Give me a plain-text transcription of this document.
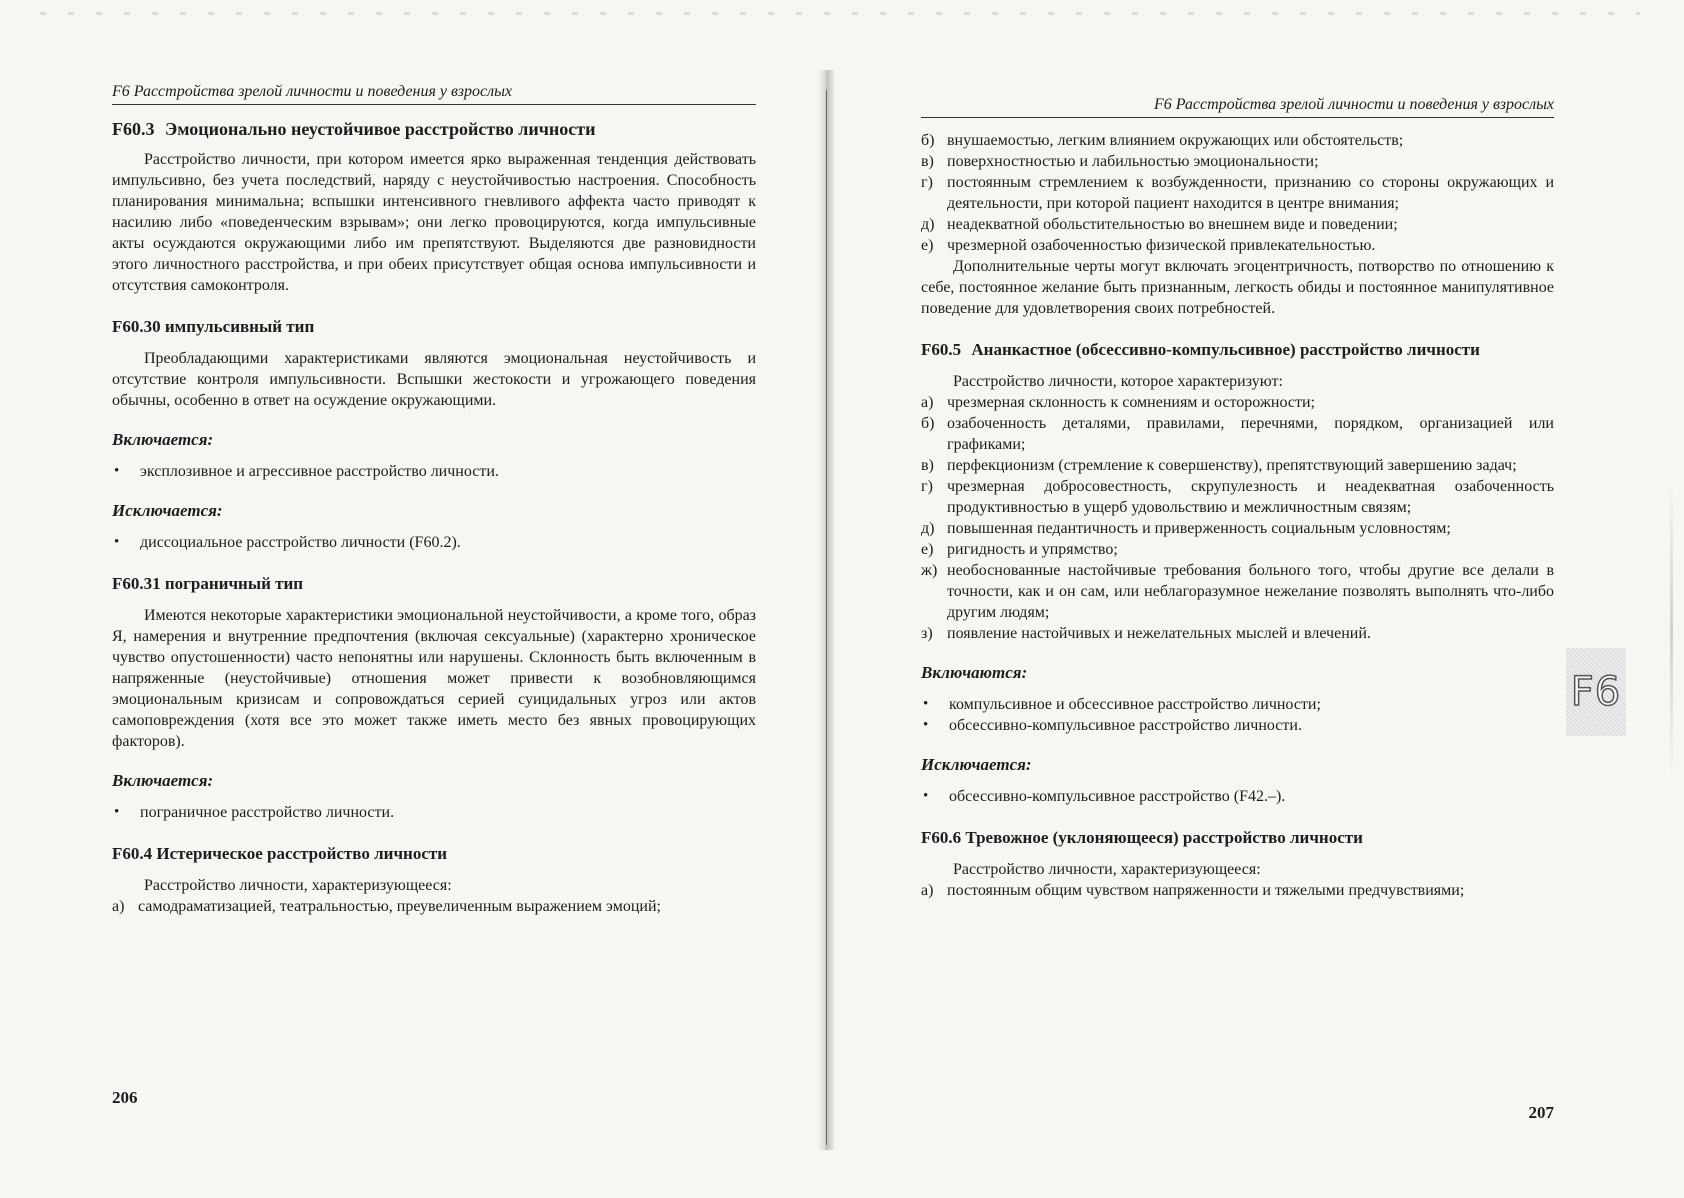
F6 Расстройства зрелой личности и поведения у взрослых
F60.3 Эмоционально неустойчивое расстройство личности

Расстройство личности, при котором имеется ярко выраженная тенденция действовать импульсивно, без учета последствий, наряду с неустойчивостью настроения. Способность планирования минимальна; вспышки интенсивного гневливого аффекта часто приводят к насилию либо «поведенческим взрывам»; они легко провоцируются, когда импульсивные акты осуждаются окружающими либо им препятствуют. Выделяются две разновидности этого личностного расстройства, и при обеих присутствует общая основа импульсивности и отсутствия самоконтроля.

F60.30 импульсивный тип

Преобладающими характеристиками являются эмоциональная неустойчивость и отсутствие контроля импульсивности. Вспышки жестокости и угрожающего поведения обычны, особенно в ответ на осуждение окружающими.

Включается:
• эксплозивное и агрессивное расстройство личности.
Исключается:
• диссоциальное расстройство личности (F60.2).
F60.31 пограничный тип

Имеются некоторые характеристики эмоциональной неустойчивости, а кроме того, образ Я, намерения и внутренние предпочтения (включая сексуальные) (характерно хроническое чувство опустошенности) часто непонятны или нарушены. Склонность быть включенным в напряженные (неустойчивые) отношения может привести к возобновляющимся эмоциональным кризисам и сопровождаться серией суицидальных угроз или актов самоповреждения (хотя все это может также иметь место без явных провоцирующих факторов).

Включается:
• пограничное расстройство личности.
F60.4 Истерическое расстройство личности

Расстройство личности, характеризующееся:

а) самодраматизацией, театральностью, преувеличенным выражением эмоций;
206
F6 Расстройства зрелой личности и поведения у взрослых
б) внушаемостью, легким влиянием окружающих или обстоятельств;
в) поверхностностью и лабильностью эмоциональности;
г) постоянным стремлением к возбужденности, признанию со стороны окружающих и деятельности, при которой пациент находится в центре внимания;
д) неадекватной обольстительностью во внешнем виде и поведении;
е) чрезмерной озабоченностью физической привлекательностью.

Дополнительные черты могут включать эгоцентричность, потворство по отношению к себе, постоянное желание быть признанным, легкость обиды и постоянное манипулятивное поведение для удовлетворения своих потребностей.

F60.5 Ананкастное (обсессивно-компульсивное) расстройство личности

Расстройство личности, которое характеризуют:

а) чрезмерная склонность к сомнениям и осторожности;
б) озабоченность деталями, правилами, перечнями, порядком, организацией или графиками;
в) перфекционизм (стремление к совершенству), препятствующий завершению задач;
г) чрезмерная добросовестность, скрупулезность и неадекватная озабоченность продуктивностью в ущерб удовольствию и межличностным связям;
д) повышенная педантичность и приверженность социальным условностям;
е) ригидность и упрямство;
ж) необоснованные настойчивые требования больного того, чтобы другие все делали в точности, как и он сам, или неблагоразумное нежелание позволять выполнять что-либо другим людям;
з) появление настойчивых и нежелательных мыслей и влечений.
Включаются:
• компульсивное и обсессивное расстройство личности;
• обсессивно-компульсивное расстройство личности.
Исключается:
• обсессивно-компульсивное расстройство (F42.–).
F60.6 Тревожное (уклоняющееся) расстройство личности

Расстройство личности, характеризующееся:

а) постоянным общим чувством напряженности и тяжелыми предчувствиями;
207
F6
